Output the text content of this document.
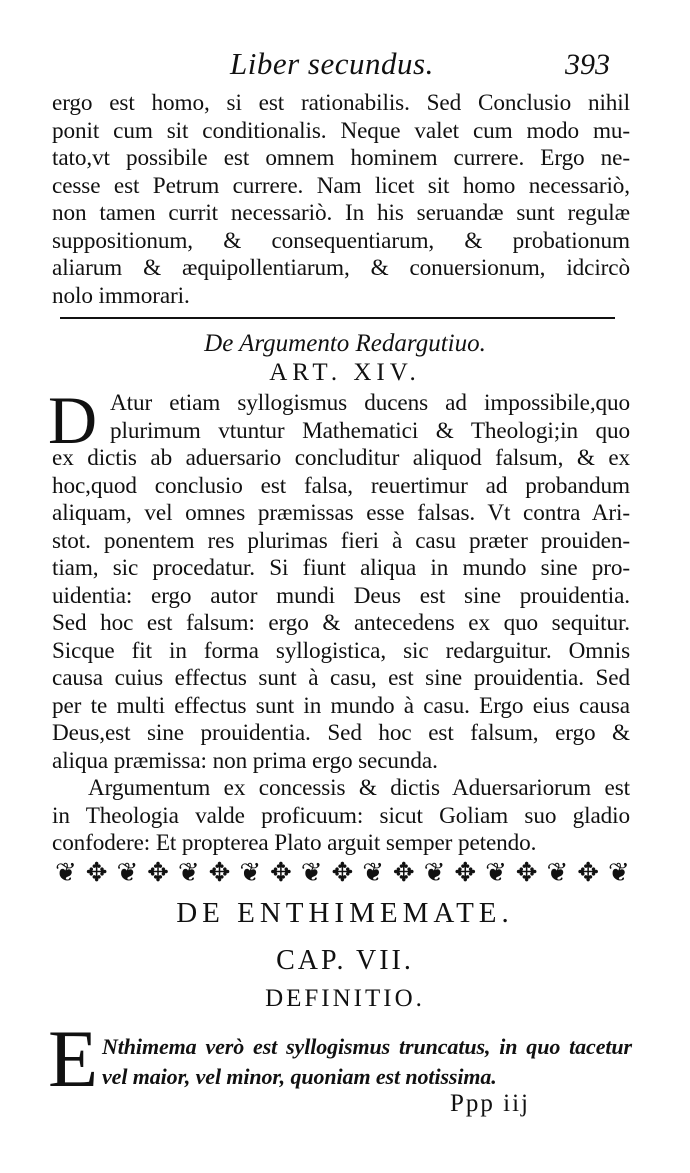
Liber secundus.	393
ergo est homo, si est rationabilis. Sed Conclusio nihil
ponit cum sit conditionalis. Neque valet cum modo mu-
tato,vt possibile est omnem hominem currere. Ergo ne-
cesse est Petrum currere. Nam licet sit homo necessariò,
non tamen currit necessariò. In his seruandæ sunt regulæ
suppositionum, & consequentiarum, & probationum
aliarum & æquipollentiarum, & conuersionum, idcircò
nolo immorari.
De Argumento Redargutiuo.
ART. XIV.
D Atur etiam syllogismus ducens ad impossibile,quo
plurimum vtuntur Mathematici & Theologi;in quo
ex dictis ab aduersario concluditur aliquod falsum, & ex
hoc,quod conclusio est falsa, reuertimur ad probandum
aliquam, vel omnes præmissas esse falsas. Vt contra Ari-
stot. ponentem res plurimas fieri à casu præter prouiden-
tiam, sic procedatur. Si fiunt aliqua in mundo sine pro-
uidentia: ergo autor mundi Deus est sine prouidentia.
Sed hoc est falsum: ergo & antecedens ex quo sequitur.
Sicque fit in forma syllogistica, sic redarguitur. Omnis
causa cuius effectus sunt à casu, est sine prouidentia. Sed
per te multi effectus sunt in mundo à casu. Ergo eius causa
Deus,est sine prouidentia. Sed hoc est falsum, ergo &
aliqua præmissa: non prima ergo secunda.
Argumentum ex concessis & dictis Aduersariorum est
in Theologia valde proficuum: sicut Goliam suo gladio
confodere: Et propterea Plato arguit semper petendo.
❦ ✥ ❦ ✥ ❦ ✥ ❦ ✥ ❦ ✥ ❦ ✥ ❦ ✥ ❦ ✥ ❦ ✥ ❦
DE ENTHIMEMATE.
CAP. VII.
DEFINITIO.
E Nthimema verò est syllogismus truncatus, in quo tacetur
vel maior, vel minor, quoniam est notissima.
Ppp iij
